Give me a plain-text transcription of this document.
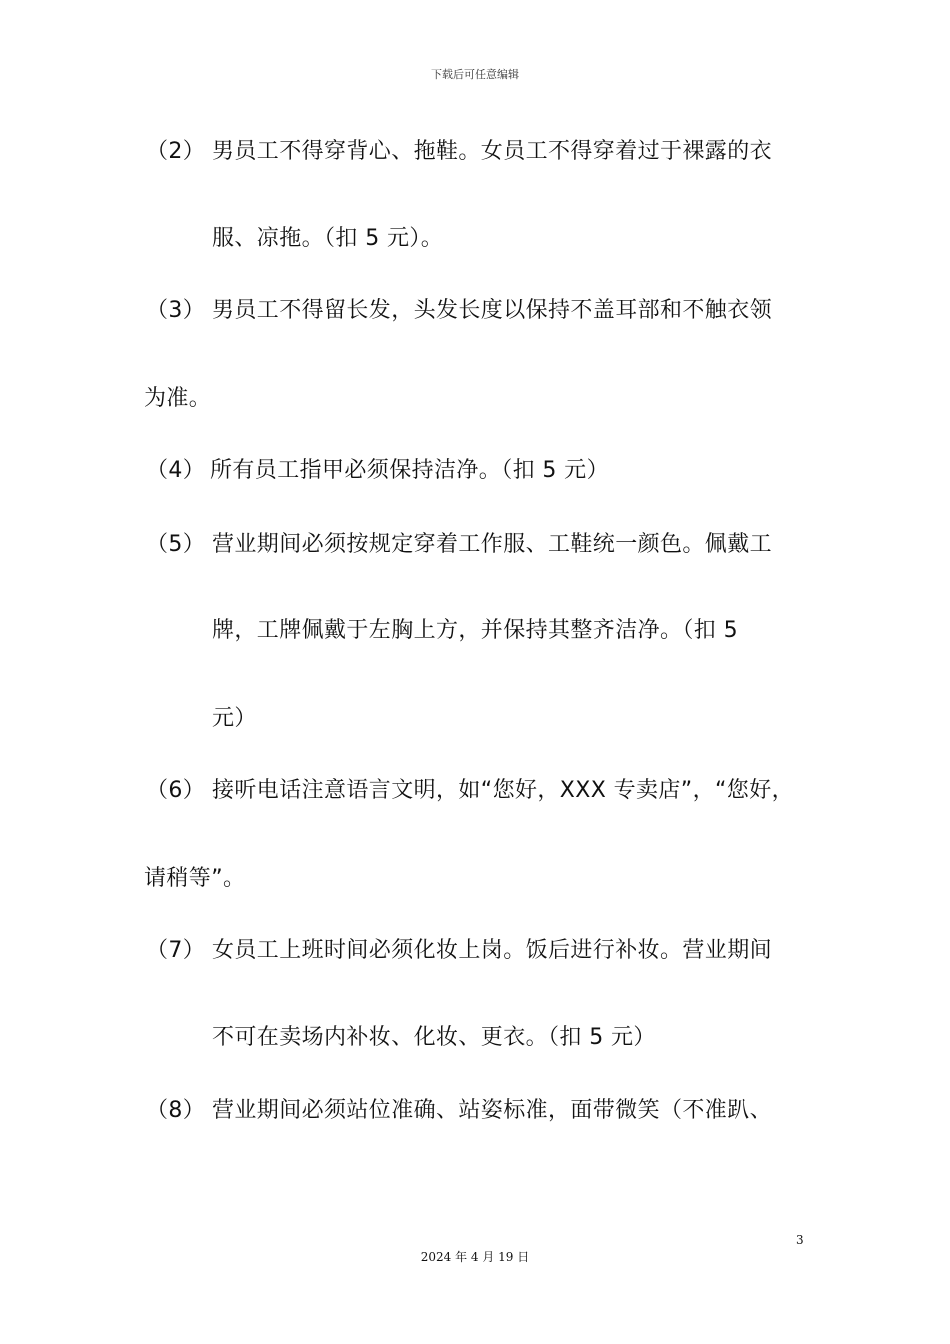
下载后可任意编辑
（2） 男员工不得穿背心、拖鞋。女员工不得穿着过于裸露的衣
服、凉拖。（扣 5 元）。
（3） 男员工不得留长发，头发长度以保持不盖耳部和不触衣领
为准。
（4） 所有员工指甲必须保持洁净。（扣 5 元）
（5） 营业期间必须按规定穿着工作服、工鞋统一颜色。佩戴工
牌，工牌佩戴于左胸上方，并保持其整齐洁净。（扣 5
元）
（6） 接听电话注意语言文明，如“您好，XXX 专卖店”，“您好，
请稍等”。
（7） 女员工上班时间必须化妆上岗。饭后进行补妆。营业期间
不可在卖场内补妆、化妆、更衣。（扣 5 元）
（8） 营业期间必须站位准确、站姿标准，面带微笑（不准趴、
3
2024 年 4 月 19 日
